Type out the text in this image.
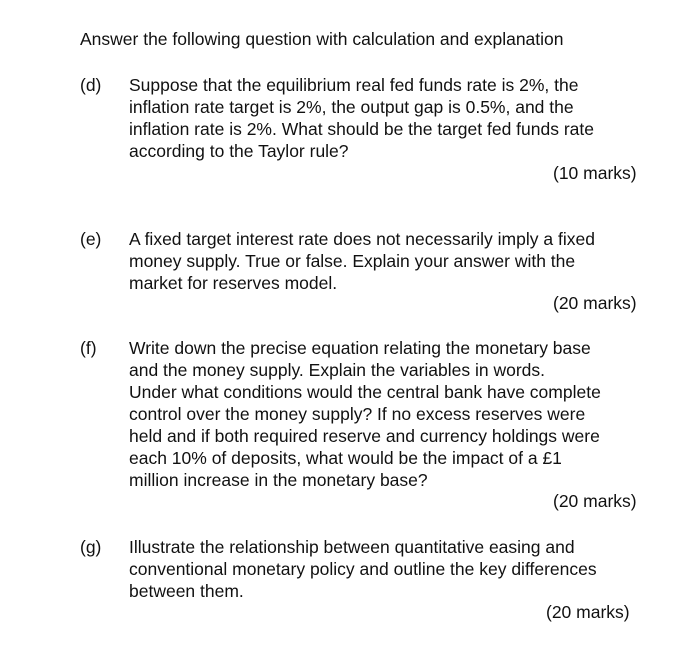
Answer the following question with calculation and explanation
(d) Suppose that the equilibrium real fed funds rate is 2%, the
inflation rate target is 2%, the output gap is 0.5%, and the
inflation rate is 2%. What should be the target fed funds rate
according to the Taylor rule?
(10 marks)
(e) A fixed target interest rate does not necessarily imply a fixed
money supply. True or false. Explain your answer with the
market for reserves model.
(20 marks)
(f) Write down the precise equation relating the monetary base
and the money supply. Explain the variables in words.
Under what conditions would the central bank have complete
control over the money supply? If no excess reserves were
held and if both required reserve and currency holdings were
each 10% of deposits, what would be the impact of a £1
million increase in the monetary base?
(20 marks)
(g) Illustrate the relationship between quantitative easing and
conventional monetary policy and outline the key differences
between them.
(20 marks)
